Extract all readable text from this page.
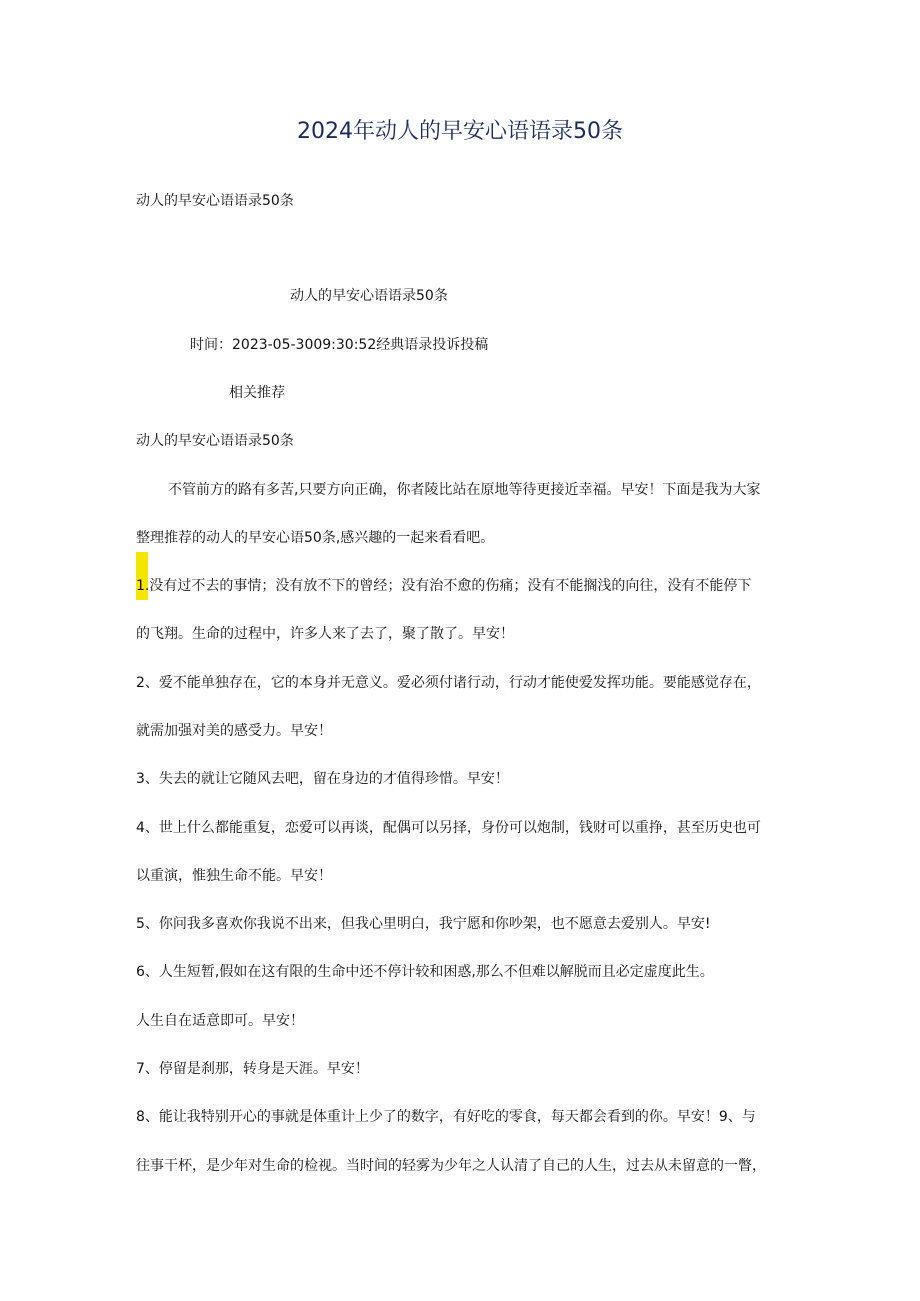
2024年动人的早安心语语录50条
动人的早安心语语录50条
动人的早安心语语录50条
时间：2023-05-3009:30:52经典语录投诉投稿
相关推荐
动人的早安心语语录50条
不管前方的路有多苦,只要方向正确，你者陵比站在原地等待更接近幸福。早安！下面是我为大家
整理推荐的动人的早安心语50条,感兴趣的一起来看看吧。
1.没有过不去的事情；没有放不下的曾经；没有治不愈的伤痛；没有不能搁浅的向往，没有不能停下
的飞翔。生命的过程中，许多人来了去了，聚了散了。早安！
2、爱不能单独存在，它的本身并无意义。爱必须付诸行动，行动才能使爱发挥功能。要能感觉存在，
就需加强对美的感受力。早安！
3、失去的就让它随风去吧，留在身边的才值得珍惜。早安！
4、世上什么都能重复，恋爱可以再谈，配偶可以另择，身份可以炮制，钱财可以重挣，甚至历史也可
以重演，惟独生命不能。早安！
5、你问我多喜欢你我说不出来，但我心里明白，我宁愿和你吵架，也不愿意去爱别人。早安!
6、人生短暂,假如在这有限的生命中还不停计较和困惑,那么不但难以解脱而且必定虚度此生。
人生自在适意即可。早安！
7、停留是刹那，转身是天涯。早安！
8、能让我特别开心的事就是体重计上少了的数字，有好吃的零食，每天都会看到的你。早安！9、与
往事干杯，是少年对生命的检视。当时间的轻雾为少年之人认清了自己的人生，过去从未留意的一瞥，
